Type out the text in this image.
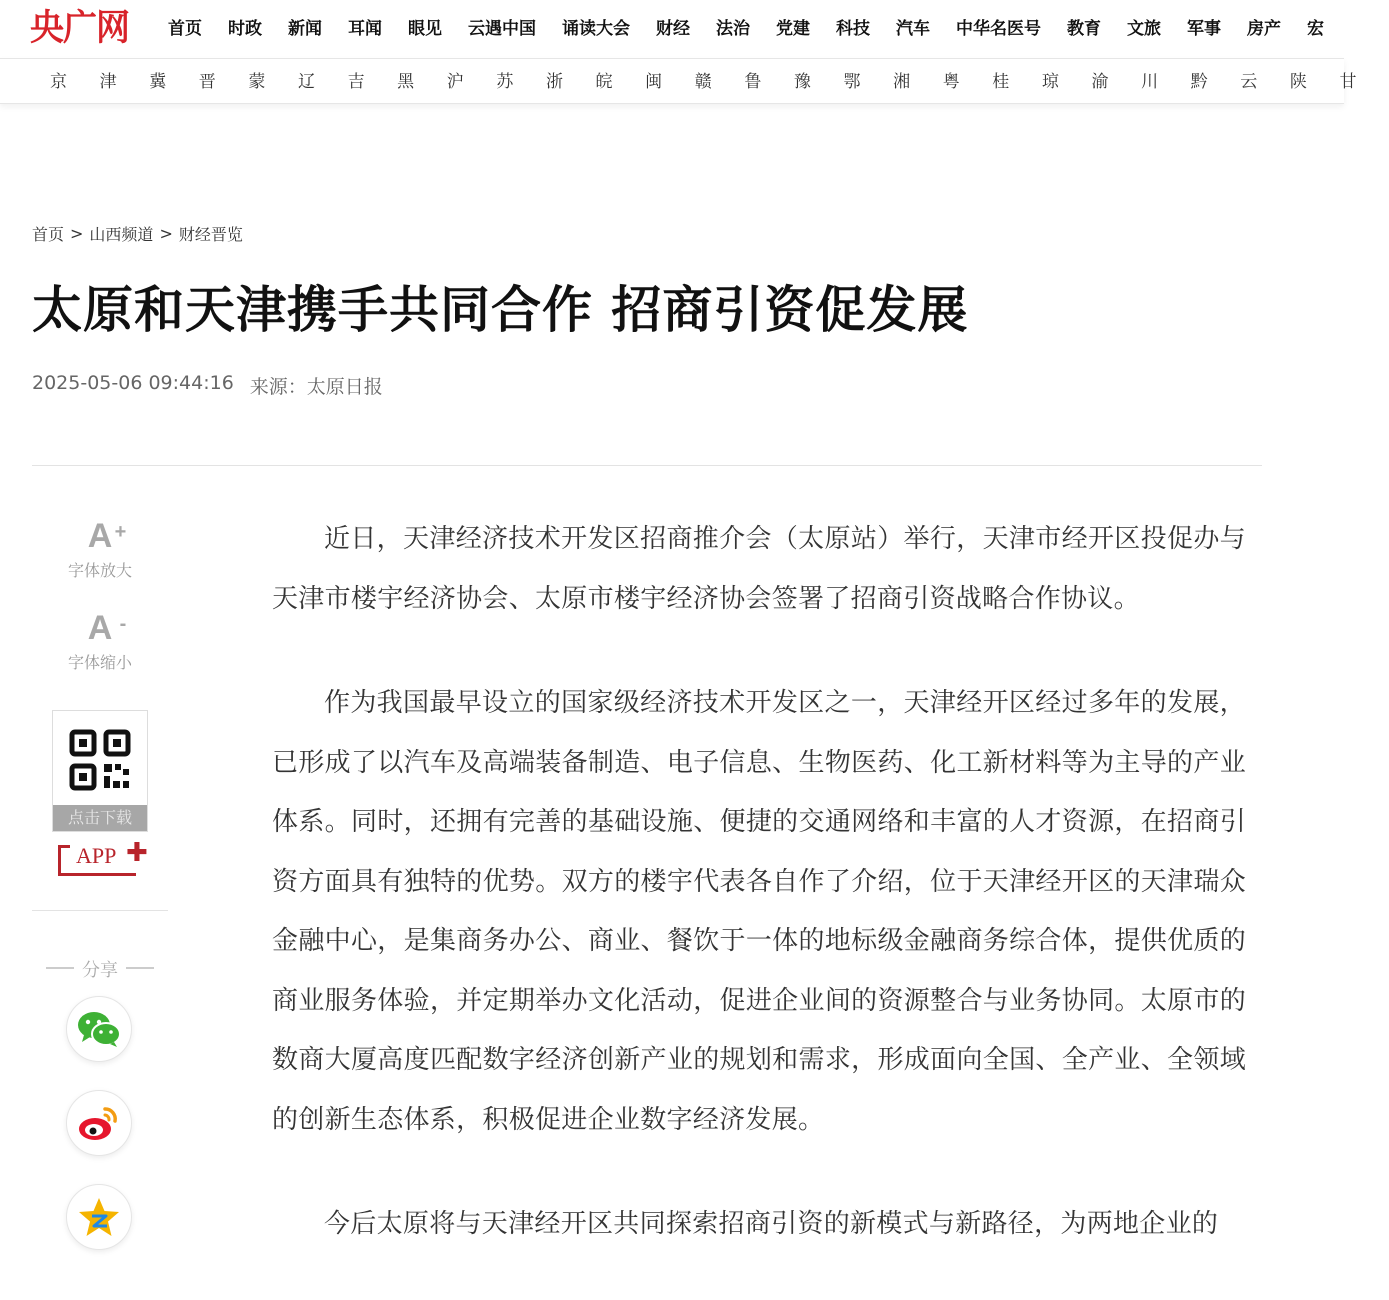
央广网 首页 时政 新闻 耳闻 眼见 云遇中国 诵读大会 财经 法治 党建 科技 汽车 中华名医号 教育 文旅 军事 房产 宏
京	津	冀	晋	蒙	辽	吉	黑	沪	苏	浙	皖	闽	赣	鲁	豫	鄂	湘	粤	桂	琼	渝	川	黔	云	陕	甘
首页 > 山西频道 > 财经晋览
太原和天津携手共同合作 招商引资促发展
2025-05-06 09:44:16 来源：太原日报
A +
字体放大
A -
字体缩小
点击下载
APP ✚
分享

近日，天津经济技术开发区招商推介会（太原站）举行，天津市经开区投促办与天津市楼宇经济协会、太原市楼宇经济协会签署了招商引资战略合作协议。

作为我国最早设立的国家级经济技术开发区之一，天津经开区经过多年的发展，已形成了以汽车及高端装备制造、电子信息、生物医药、化工新材料等为主导的产业体系。同时，还拥有完善的基础设施、便捷的交通网络和丰富的人才资源，在招商引资方面具有独特的优势。双方的楼宇代表各自作了介绍，位于天津经开区的天津瑞众金融中心，是集商务办公、商业、餐饮于一体的地标级金融商务综合体，提供优质的商业服务体验，并定期举办文化活动，促进企业间的资源整合与业务协同。太原市的数商大厦高度匹配数字经济创新产业的规划和需求，形成面向全国、全产业、全领域的创新生态体系，积极促进企业数字经济发展。

今后太原将与天津经开区共同探索招商引资的新模式与新路径，为两地企业的
